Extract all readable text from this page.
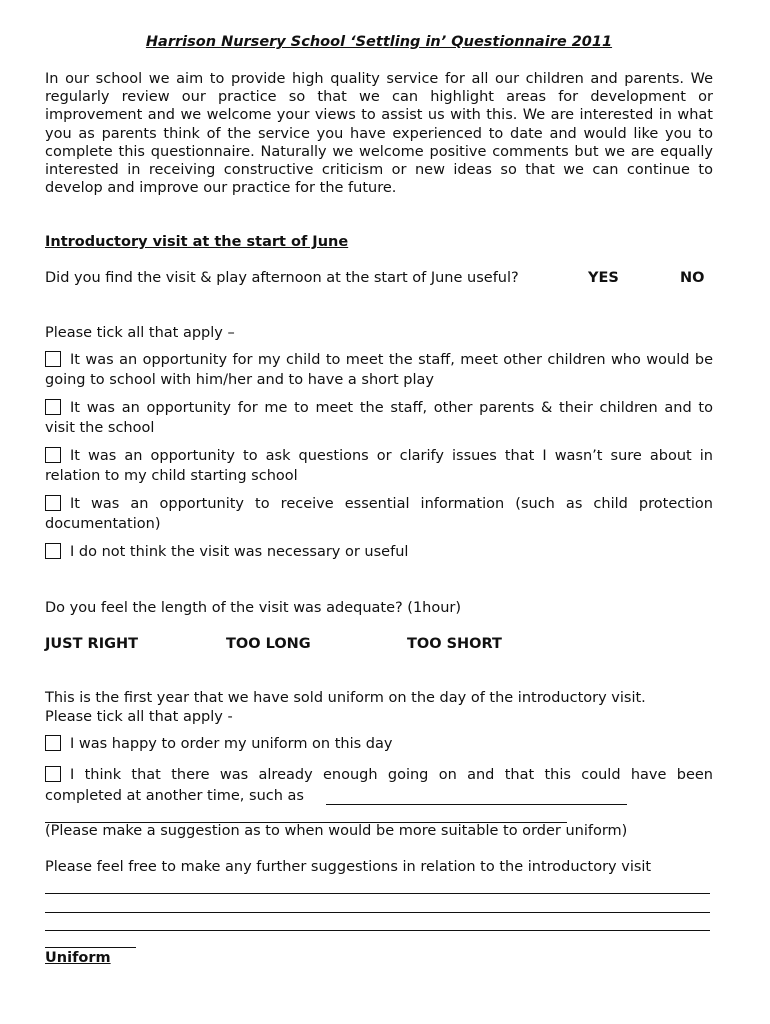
Harrison Nursery School ‘Settling in’ Questionnaire 2011

In our school we aim to provide high quality service for all our children and parents. We regularly review our practice so that we can highlight areas for development or improvement and we welcome your views to assist us with this. We are interested in what you as parents think of the service you have experienced to date and would like you to complete this questionnaire. Naturally we welcome positive comments but we are equally interested in receiving constructive criticism or new ideas so that we can continue to develop and improve our practice for the future.

Introductory visit at the start of June
Did you find the visit & play afternoon at the start of June useful?	YES	NO
Please tick all that apply –
It was an opportunity for my child to meet the staff, meet other children who would be going to school with him/her and to have a short play
It was an opportunity for me to meet the staff, other parents & their children and to visit the school
It was an opportunity to ask questions or clarify issues that I wasn’t sure about in relation to my child starting school
It was an opportunity to receive essential information (such as child protection documentation)
I do not think the visit was necessary or useful
Do you feel the length of the visit was adequate? (1hour)
JUST RIGHT	TOO LONG	TOO SHORT
This is the first year that we have sold uniform on the day of the introductory visit.
Please tick all that apply -
I was happy to order my uniform on this day
I think that there was already enough going on and that this could have been completed at another time, such as
(Please make a suggestion as to when would be more suitable to order uniform)
Please feel free to make any further suggestions in relation to the introductory visit
Uniform
